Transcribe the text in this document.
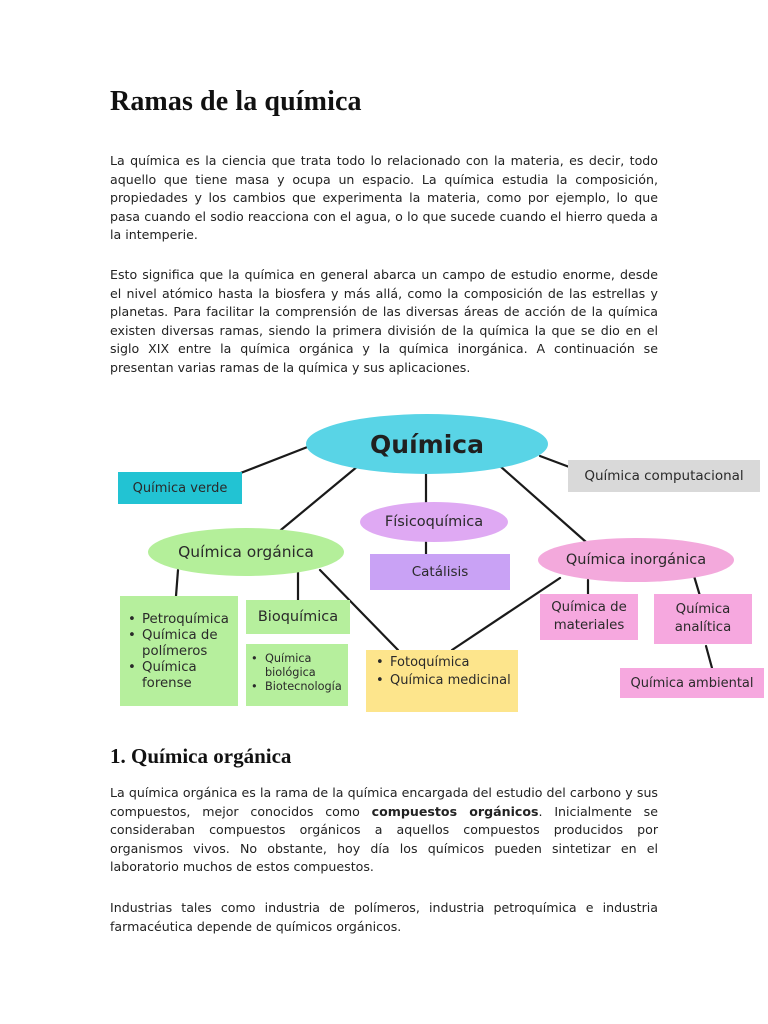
Ramas de la química

La química es la ciencia que trata todo lo relacionado con la materia, es decir, todo aquello que tiene masa y ocupa un espacio. La química estudia la composición, propiedades y los cambios que experimenta la materia, como por ejemplo, lo que pasa cuando el sodio reacciona con el agua, o lo que sucede cuando el hierro queda a la intemperie.

Esto significa que la química en general abarca un campo de estudio enorme, desde el nivel atómico hasta la biosfera y más allá, como la composición de las estrellas y planetas. Para facilitar la comprensión de las diversas áreas de acción de la química existen diversas ramas, siendo la primera división de la química la que se dio en el siglo XIX entre la química orgánica y la química inorgánica. A continuación se presentan varias ramas de la química y sus aplicaciones.

Química
Química verde
Química computacional
Físicoquímica
Catálisis
Química orgánica	Química inorgánica
• Petroquímica
• Química de polímeros
• Química forense
Bioquímica
• Química biológica
• Biotecnología
• Fotoquímica
• Química medicinal
Química de materiales
Química analítica
Química ambiental
1. Química orgánica

La química orgánica es la rama de la química encargada del estudio del carbono y sus compuestos, mejor conocidos como compuestos orgánicos. Inicialmente se consideraban compuestos orgánicos a aquellos compuestos producidos por organismos vivos. No obstante, hoy día los químicos pueden sintetizar en el laboratorio muchos de estos compuestos.

Industrias tales como industria de polímeros, industria petroquímica e industria farmacéutica depende de químicos orgánicos.
